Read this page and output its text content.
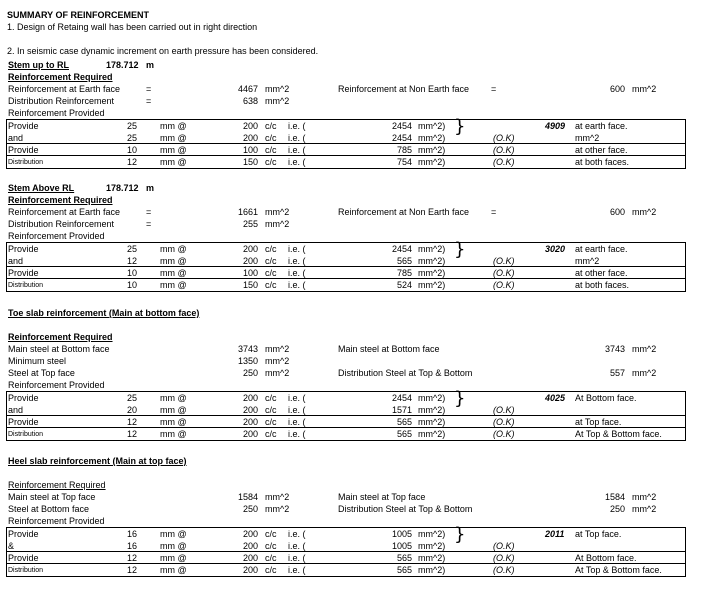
SUMMARY OF REINFORCEMENT
1. Design of Retaing wall has been carried out in right direction
2. In seismic case dynamic increment on earth pressure has been considered.
Stem up to RL	178.712 m
Reinforcement Required
Reinforcement at Earth face	=	4467 mm^2	Reinforcement at Non Earth face =	600 mm^2
Distribution Reinforcement	=	638 mm^2
Reinforcement Provided
}	4909
Provide	25	mm @	200 c/c i.e. (	2454 mm^2)	at earth face.
and	25	mm @	200 c/c i.e. (	2454 mm^2)	(O.K)	mm^2
Provide	10	mm @	100 c/c i.e. (	785 mm^2)	(O.K)	at other face.
Distribution	12	mm @	150 c/c i.e. (	754 mm^2)	(O.K)	at both faces.
Stem Above RL	178.712 m
Reinforcement Required
Reinforcement at Earth face	=	1661 mm^2	Reinforcement at Non Earth face =	600 mm^2
Distribution Reinforcement	=	255 mm^2
Reinforcement Provided
}	3020
Provide	25	mm @	200 c/c i.e. (	2454 mm^2)	at earth face.
and	12	mm @	200 c/c i.e. (	565 mm^2)	(O.K)	mm^2
Provide	10	mm @	100 c/c i.e. (	785 mm^2)	(O.K)	at other face.
Distribution	10	mm @	150 c/c i.e. (	524 mm^2)	(O.K)	at both faces.
Toe slab reinforcement (Main at bottom face)
Reinforcement Required
Main steel at Bottom face	3743 mm^2	Main steel at Bottom face	3743 mm^2
Minimum steel	1350 mm^2
Steel at Top face	250 mm^2	Distribution Steel at Top & Bottom	557 mm^2
Reinforcement Provided
}	4025
Provide	25	mm @	200 c/c i.e. (	2454 mm^2)	At Bottom face.
and	20	mm @	200 c/c i.e. (	1571 mm^2)	(O.K)
Provide	12	mm @	200 c/c i.e. (	565 mm^2)	(O.K)	at Top face.
Distribution	12	mm @	200 c/c i.e. (	565 mm^2)	(O.K)	At Top & Bottom face.
Heel slab reinforcement (Main at top face)
Reinforcement Required
Main steel at Top face	1584 mm^2	Main steel at Top face	1584 mm^2
Steel at Bottom face	250 mm^2	Distribution Steel at Top & Bottom	250 mm^2
Reinforcement Provided
}	2011
Provide	16	mm @	200 c/c i.e. (	1005 mm^2)	at Top face.
&	16	mm @	200 c/c i.e. (	1005 mm^2)	(O.K)
Provide	12	mm @	200 c/c i.e. (	565 mm^2)	(O.K)	At Bottom face.
Distribution	12	mm @	200 c/c i.e. (	565 mm^2)	(O.K)	At Top & Bottom face.
